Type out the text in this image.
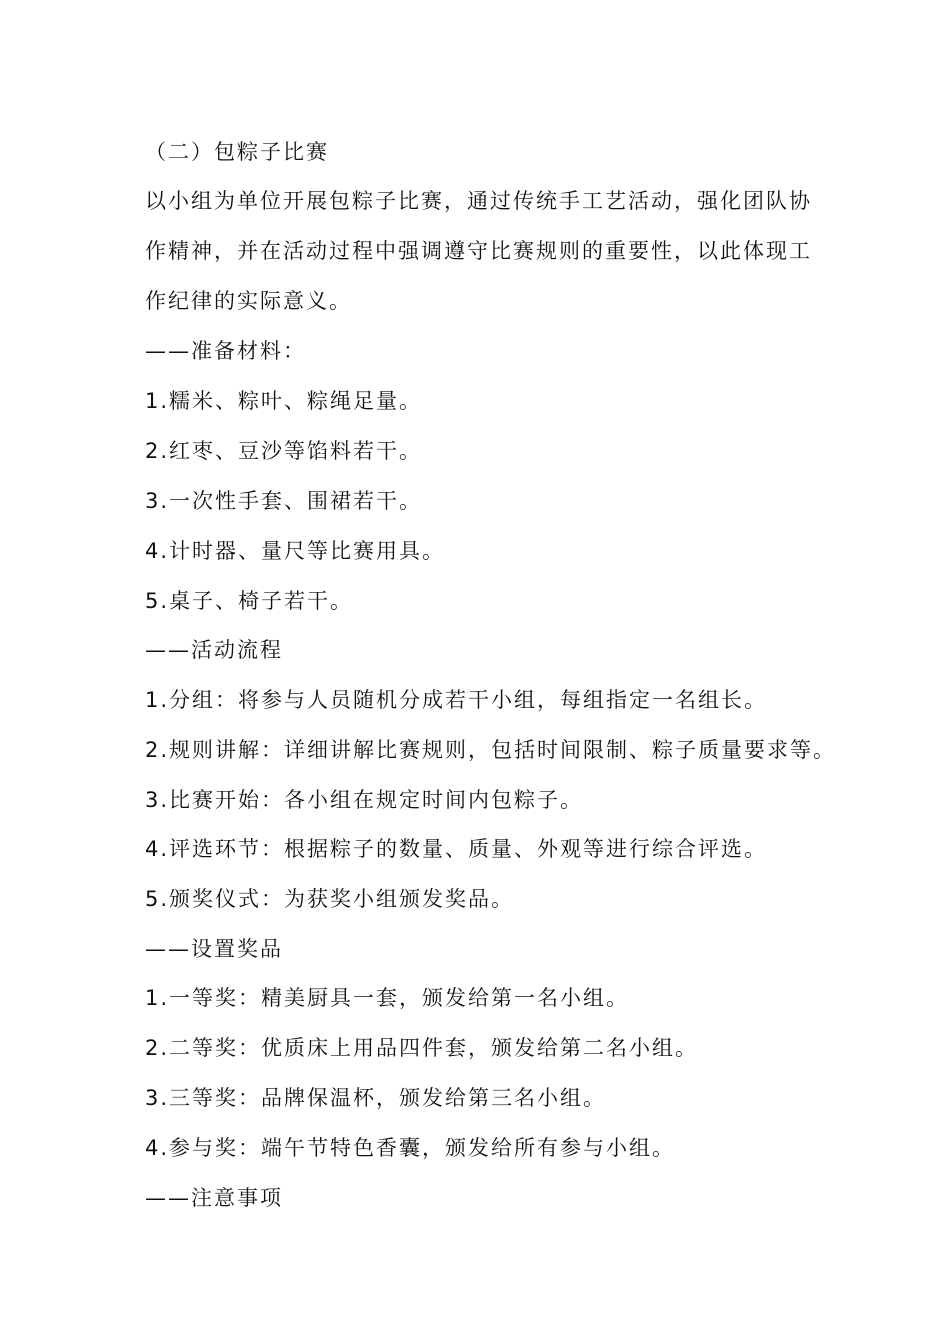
（二）包粽子比赛
以小组为单位开展包粽子比赛，通过传统手工艺活动，强化团队协
作精神，并在活动过程中强调遵守比赛规则的重要性，以此体现工
作纪律的实际意义。
——准备材料：
1.糯米、粽叶、粽绳足量。
2.红枣、豆沙等馅料若干。
3.一次性手套、围裙若干。
4.计时器、量尺等比赛用具。
5.桌子、椅子若干。
——活动流程
1.分组：将参与人员随机分成若干小组，每组指定一名组长。
2.规则讲解：详细讲解比赛规则，包括时间限制、粽子质量要求等。
3.比赛开始：各小组在规定时间内包粽子。
4.评选环节：根据粽子的数量、质量、外观等进行综合评选。
5.颁奖仪式：为获奖小组颁发奖品。
——设置奖品
1.一等奖：精美厨具一套，颁发给第一名小组。
2.二等奖：优质床上用品四件套，颁发给第二名小组。
3.三等奖：品牌保温杯，颁发给第三名小组。
4.参与奖：端午节特色香囊，颁发给所有参与小组。
——注意事项
